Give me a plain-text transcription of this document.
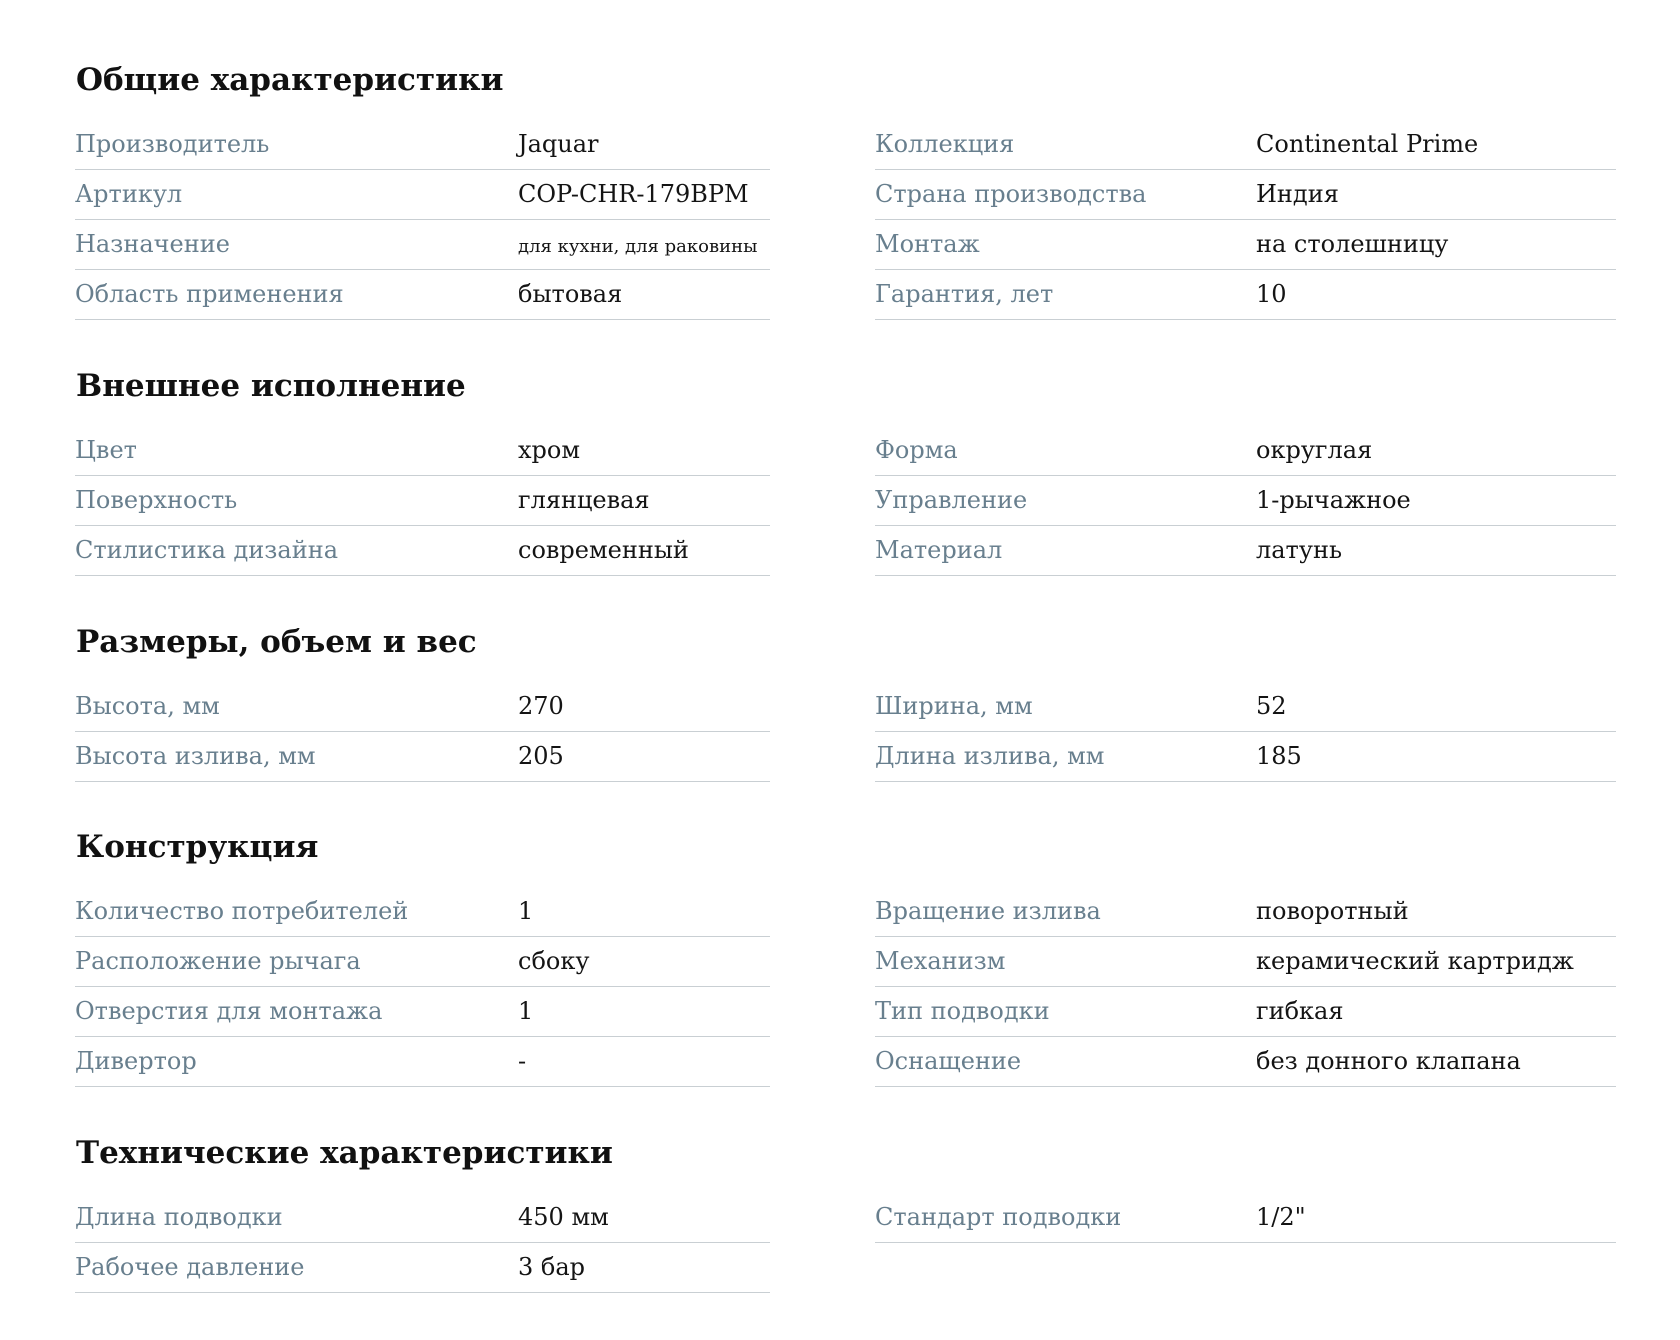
Общие характеристики
Производитель	Jaquar
Артикул	COP-CHR-179BPM
Назначение	для кухни, для раковины
Область применения	бытовая
Коллекция	Continental Prime
Страна производства	Индия
Монтаж	на столешницу
Гарантия, лет	10
Внешнее исполнение
Цвет	хром
Поверхность	глянцевая
Стилистика дизайна	современный
Форма	округлая
Управление	1-рычажное
Материал	латунь
Размеры, объем и вес
Высота, мм	270
Высота излива, мм	205
Ширина, мм	52
Длина излива, мм	185
Конструкция
Количество потребителей	1
Расположение рычага	сбоку
Отверстия для монтажа	1
Дивертор	-
Вращение излива	поворотный
Механизм	керамический картридж
Тип подводки	гибкая
Оснащение	без донного клапана
Технические характеристики
Длина подводки	450 мм
Рабочее давление	3 бар
Стандарт подводки	1/2"
